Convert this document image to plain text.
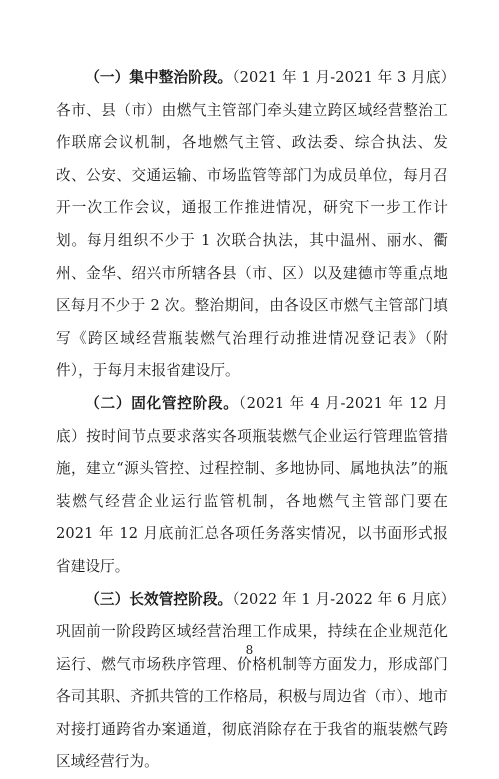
（一）集中整治阶段。（2021 年 1 月-2021 年 3 月底）各市、县（市）由燃气主管部门牵头建立跨区域经营整治工作联席会议机制，各地燃气主管、政法委、综合执法、发改、公安、交通运输、市场监管等部门为成员单位，每月召开一次工作会议，通报工作推进情况，研究下一步工作计划。每月组织不少于 1 次联合执法，其中温州、丽水、衢州、金华、绍兴市所辖各县（市、区）以及建德市等重点地区每月不少于 2 次。整治期间，由各设区市燃气主管部门填写《跨区域经营瓶装燃气治理行动推进情况登记表》（附件），于每月末报省建设厅。

（二）固化管控阶段。（2021 年 4 月-2021 年 12 月底）按时间节点要求落实各项瓶装燃气企业运行管理监管措施，建立“源头管控、过程控制、多地协同、属地执法”的瓶装燃气经营企业运行监管机制，各地燃气主管部门要在 2021 年 12 月底前汇总各项任务落实情况，以书面形式报省建设厅。

（三）长效管控阶段。（2022 年 1 月-2022 年 6 月底）巩固前一阶段跨区域经营治理工作成果，持续在企业规范化运行、燃气市场秩序管理、价格机制等方面发力，形成部门各司其职、齐抓共管的工作格局，积极与周边省（市）、地市对接打通跨省办案通道，彻底消除存在于我省的瓶装燃气跨区域经营行为。

8
